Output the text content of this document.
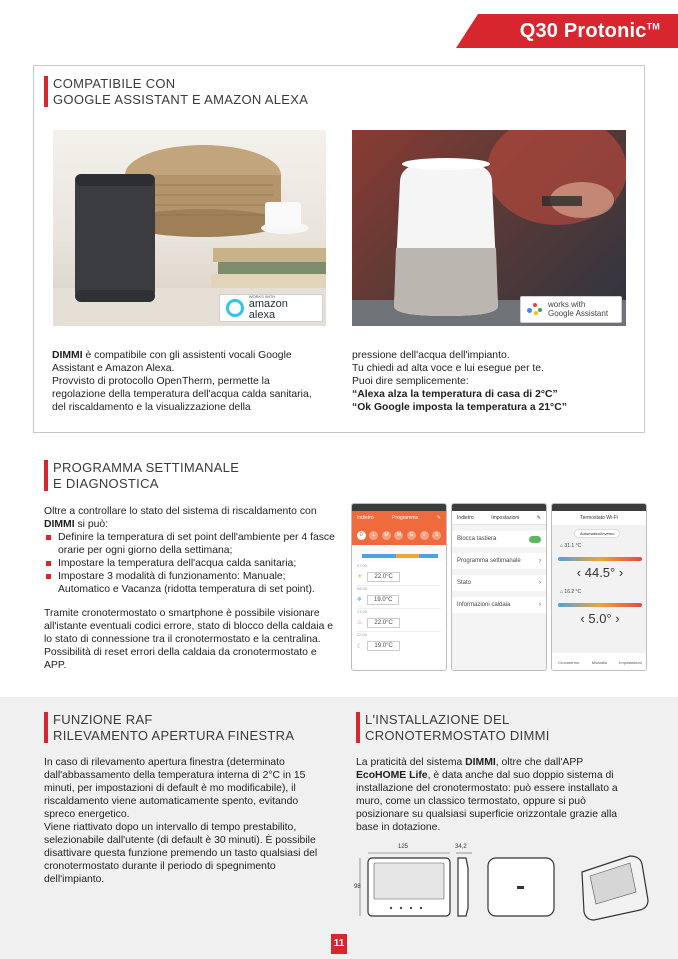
Q30 Protonic™
COMPATIBILE CON
GOOGLE ASSISTANT E AMAZON ALEXA
WORKS WITH
amazon alexa
works with
Google Assistant
DIMMI è compatibile con gli assistenti vocali Google Assistant e Amazon Alexa.
Provvisto di protocollo OpenTherm, permette la regolazione della temperatura dell'acqua calda sanitaria, del riscaldamento e la visualizzazione della
pressione dell'acqua dell'impianto.
Tu chiedi ad alta voce e lui esegue per te.
Puoi dire semplicemente:
“Alexa alza la temperatura di casa di 2°C”
“Ok Google imposta la temperatura a 21°C”
PROGRAMMA SETTIMANALE
E DIAGNOSTICA
Oltre a controllare lo stato del sistema di riscaldamento con DIMMI si può:
Definire la temperatura di set point dell'ambiente per 4 fasce orarie per ogni giorno della settimana;
Impostare la temperatura dell'acqua calda sanitaria;
Impostare 3 modalità di funzionamento: Manuale; Automatico e Vacanza (ridotta temperatura di set point).
Tramite cronotermostato o smartphone è possibile visionare all'istante eventuali codici errore, stato di blocco della caldaia e lo stato di connessione tra il cronotermostato e la centralina. Possibilità di reset errori della caldaia da cronotermostato e APP.
Indietro	Programma	✎
D	L	M	M	G	V	S
07:00
☀	22.0°C
08:30
❄	19.0°C
17:00
♨	22.0°C
22:00
☾	19.0°C
Indietro	Impostazioni	✎
Blocca tastiera
Programma settimanale	›
Stato	›
Informazioni caldaia	›
Termostato Wi-Fi
Automatico/Inverno
⌂ 31.1 °C
‹ 44.5° ›
⌂ 16.2 °C
‹ 5.0° ›
Cronotermo	Modalità	Impostazioni
FUNZIONE RAF
RILEVAMENTO APERTURA FINESTRA
In caso di rilevamento apertura finestra (determinato dall'abbassamento della temperatura interna di 2°C in 15 minuti, per impostazioni di default è mo modificabile), il riscaldamento viene automaticamente spento, evitando spreco energetico.
Viene riattivato dopo un intervallo di tempo prestabilito, selezionabile dall'utente (di default è 30 minuti). È possibile disattivare questa funzione premendo un tasto qualsiasi del cronotermostato durante il periodo di spegnimento dell'impianto.
L'INSTALLAZIONE DEL
CRONOTERMOSTATO DIMMI
La praticità del sistema DIMMI, oltre che dall'APP EcoHOME Life, è data anche dal suo doppio sistema di installazione del cronotermostato: può essere installato a muro, come un classico termostato, oppure si può posizionare su qualsiasi superficie orizzontale grazie alla base in dotazione.
125	34,2
98
11
